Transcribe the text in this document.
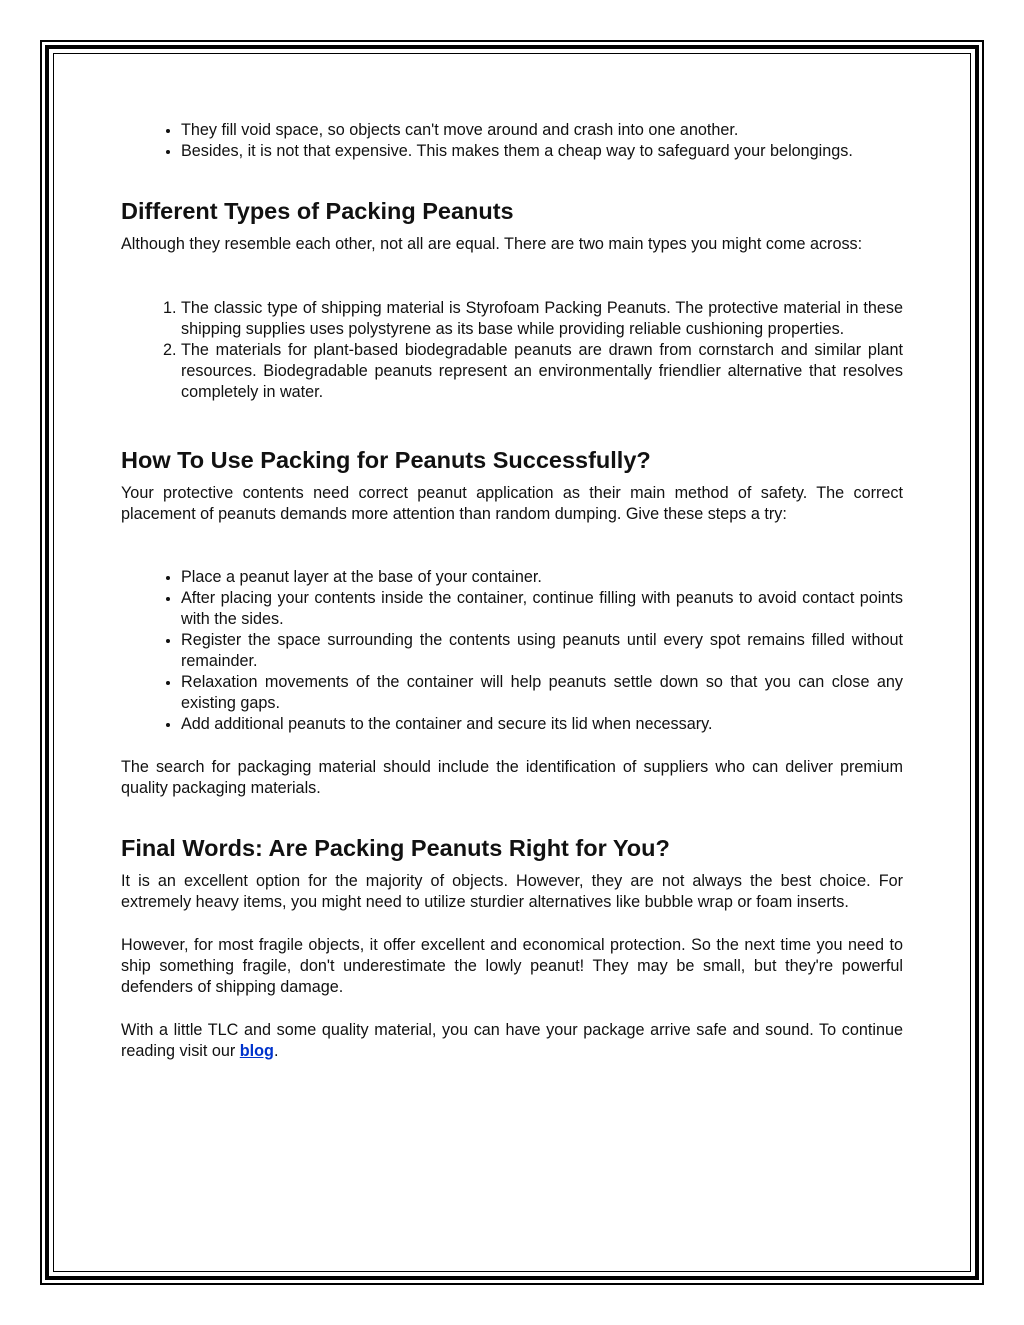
• They fill void space, so objects can't move around and crash into one another.
• Besides, it is not that expensive. This makes them a cheap way to safeguard your belongings.
Different Types of Packing Peanuts

Although they resemble each other, not all are equal. There are two main types you might come across:

1. The classic type of shipping material is Styrofoam Packing Peanuts. The protective material in these shipping supplies uses polystyrene as its base while providing reliable cushioning properties.
2. The materials for plant-based biodegradable peanuts are drawn from cornstarch and similar plant resources. Biodegradable peanuts represent an environmentally friendlier alternative that resolves completely in water.
How To Use Packing for Peanuts Successfully?

Your protective contents need correct peanut application as their main method of safety. The correct placement of peanuts demands more attention than random dumping. Give these steps a try:

• Place a peanut layer at the base of your container.
• After placing your contents inside the container, continue filling with peanuts to avoid contact points with the sides.
• Register the space surrounding the contents using peanuts until every spot remains filled without remainder.
• Relaxation movements of the container will help peanuts settle down so that you can close any existing gaps.
• Add additional peanuts to the container and secure its lid when necessary.

The search for packaging material should include the identification of suppliers who can deliver premium quality packaging materials.

Final Words: Are Packing Peanuts Right for You?

It is an excellent option for the majority of objects. However, they are not always the best choice. For extremely heavy items, you might need to utilize sturdier alternatives like bubble wrap or foam inserts.

However, for most fragile objects, it offer excellent and economical protection. So the next time you need to ship something fragile, don't underestimate the lowly peanut! They may be small, but they're powerful defenders of shipping damage.

With a little TLC and some quality material, you can have your package arrive safe and sound. To continue reading visit our blog.
